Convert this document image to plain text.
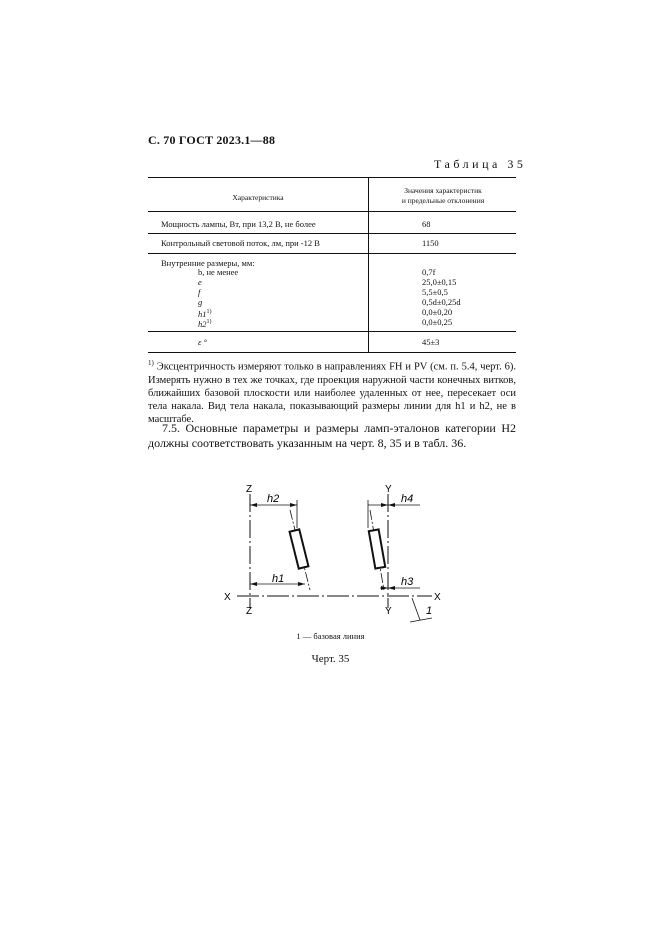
С. 70 ГОСТ 2023.1—88
Таблица 35
Характеристика
Значения характеристик
и предельные отклонения
Мощность лампы, Вт, при 13,2 В, не более	68
Контрольный световой поток, лм, при -12 В	1150
Внутренние размеры, мм:
b, не менее	0,7f
e	25,0±0,15
f	5,5±0,5
g	0,5d±0,25d
h1$^{1)}$	0,0±0,20
h2$^{1)}$	0,0±0,25
ε °	45±3
$^{1)}$ Эксцентричность измеряют только в направлениях FH и PV (см. п. 5.4, черт. 6). Измерять нужно в тех же точках, где проекция наружной части конечных витков, ближайших базовой плоскости или наиболее удаленных от нее, пересекает оси тела накала. Вид тела накала, показывающий размеры линии для h1 и h2, не в масштабе.
7.5. Основные параметры и размеры ламп-эталонов категории H2 должны соответствовать указанным на черт. 8, 35 и в табл. 36.
Z
Z
Y
Y
X	X
h2
h1
h4
h3
1
1 — базовая линия
Черт. 35
